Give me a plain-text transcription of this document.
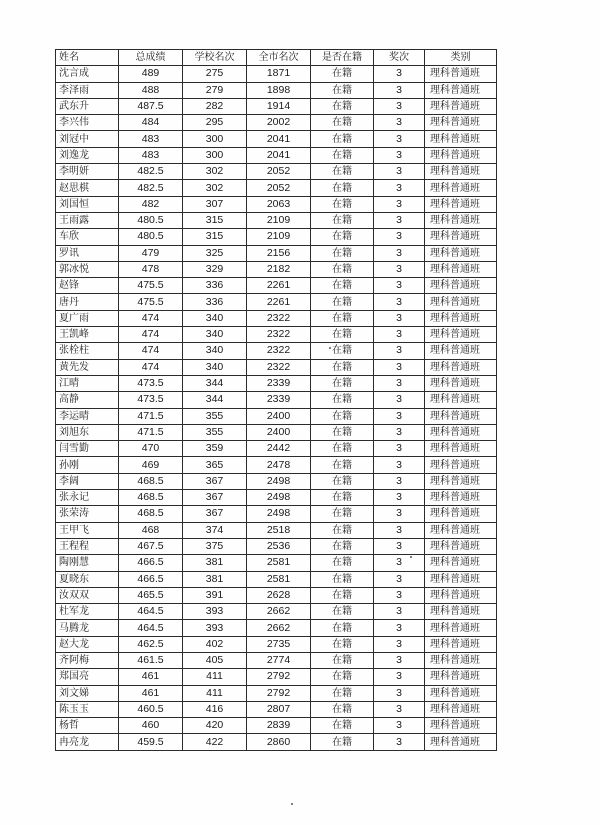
姓名	总成绩	学校名次	全市名次	是否在籍	奖次	类别
沈言成	489	275	1871	在籍	3	理科普通班
李泽雨	488	279	1898	在籍	3	理科普通班
武东升	487.5	282	1914	在籍	3	理科普通班
李兴伟	484	295	2002	在籍	3	理科普通班
刘冠中	483	300	2041	在籍	3	理科普通班
刘逸龙	483	300	2041	在籍	3	理科普通班
李明妍	482.5	302	2052	在籍	3	理科普通班
赵思棋	482.5	302	2052	在籍	3	理科普通班
刘国恒	482	307	2063	在籍	3	理科普通班
王雨露	480.5	315	2109	在籍	3	理科普通班
车欣	480.5	315	2109	在籍	3	理科普通班
罗讯	479	325	2156	在籍	3	理科普通班
郭冰悦	478	329	2182	在籍	3	理科普通班
赵锋	475.5	336	2261	在籍	3	理科普通班
唐丹	475.5	336	2261	在籍	3	理科普通班
夏广雨	474	340	2322	在籍	3	理科普通班
王凯峰	474	340	2322	在籍	3	理科普通班
张栓柱	474	340	2322	在籍	3	理科普通班
黄先发	474	340	2322	在籍	3	理科普通班
江晴	473.5	344	2339	在籍	3	理科普通班
高静	473.5	344	2339	在籍	3	理科普通班
李运晴	471.5	355	2400	在籍	3	理科普通班
刘旭东	471.5	355	2400	在籍	3	理科普通班
闫雪勤	470	359	2442	在籍	3	理科普通班
孙刚	469	365	2478	在籍	3	理科普通班
李阔	468.5	367	2498	在籍	3	理科普通班
张永记	468.5	367	2498	在籍	3	理科普通班
张荣涛	468.5	367	2498	在籍	3	理科普通班
王甲飞	468	374	2518	在籍	3	理科普通班
王程程	467.5	375	2536	在籍	3	理科普通班
陶刚慧	466.5	381	2581	在籍	3	理科普通班
夏晓东	466.5	381	2581	在籍	3	理科普通班
汝双双	465.5	391	2628	在籍	3	理科普通班
杜军龙	464.5	393	2662	在籍	3	理科普通班
马腾龙	464.5	393	2662	在籍	3	理科普通班
赵大龙	462.5	402	2735	在籍	3	理科普通班
齐阿梅	461.5	405	2774	在籍	3	理科普通班
郑国亮	461	411	2792	在籍	3	理科普通班
刘文娣	461	411	2792	在籍	3	理科普通班
陈玉玉	460.5	416	2807	在籍	3	理科普通班
杨哲	460	420	2839	在籍	3	理科普通班
冉亮龙	459.5	422	2860	在籍	3	理科普通班
